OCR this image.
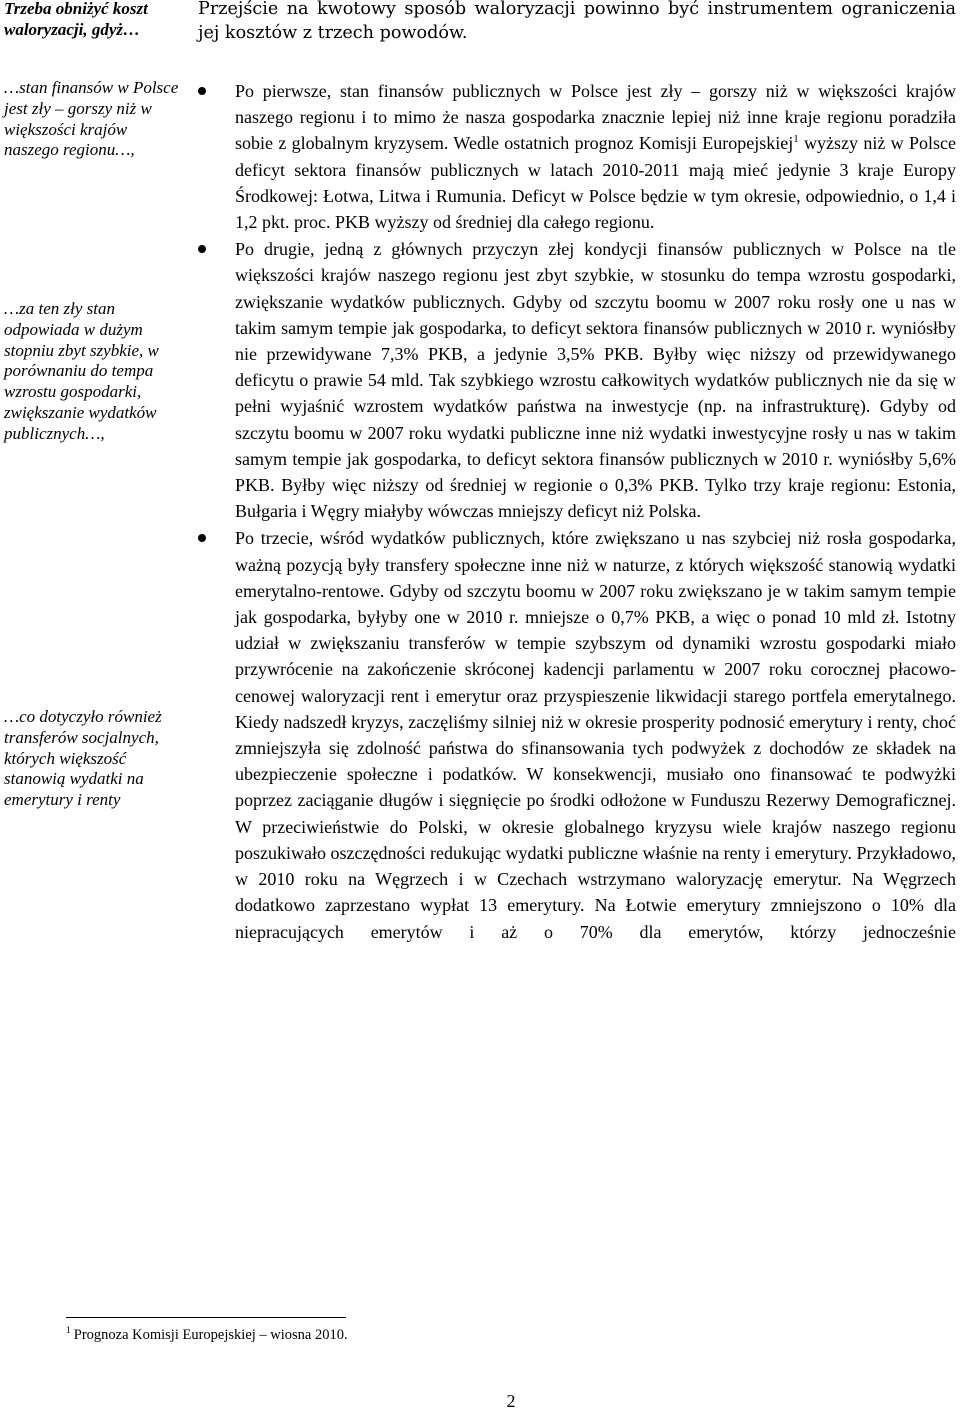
Trzeba obniżyć koszt waloryzacji, gdyż…

…stan finansów w Polsce jest zły – gorszy niż w większości krajów naszego regionu…,

…za ten zły stan odpowiada w dużym stopniu zbyt szybkie, w porównaniu do tempa wzrostu gospodarki, zwiększanie wydatków publicznych…,

…co dotyczyło również transferów socjalnych, których większość stanowią wydatki na emerytury i renty

Przejście na kwotowy sposób waloryzacji powinno być instrumentem ograniczenia jej kosztów z trzech powodów.

Po pierwsze, stan finansów publicznych w Polsce jest zły – gorszy niż w większości krajów naszego regionu i to mimo że nasza gospodarka znacznie lepiej niż inne kraje regionu poradziła sobie z globalnym kryzysem. Wedle ostatnich prognoz Komisji Europejskiej$^1$ wyższy niż w Polsce deficyt sektora finansów publicznych w latach 2010-2011 mają mieć jedynie 3 kraje Europy Środkowej: Łotwa, Litwa i Rumunia. Deficyt w Polsce będzie w tym okresie, odpowiednio, o 1,4 i 1,2 pkt. proc. PKB wyższy od średniej dla całego regionu.

Po drugie, jedną z głównych przyczyn złej kondycji finansów publicznych w Polsce na tle większości krajów naszego regionu jest zbyt szybkie, w stosunku do tempa wzrostu gospodarki, zwiększanie wydatków publicznych. Gdyby od szczytu boomu w 2007 roku rosły one u nas w takim samym tempie jak gospodarka, to deficyt sektora finansów publicznych w 2010 r. wyniósłby nie przewidywane 7,3% PKB, a jedynie 3,5% PKB. Byłby więc niższy od przewidywanego deficytu o prawie 54 mld. Tak szybkiego wzrostu całkowitych wydatków publicznych nie da się w pełni wyjaśnić wzrostem wydatków państwa na inwestycje (np. na infrastrukturę). Gdyby od szczytu boomu w 2007 roku wydatki publiczne inne niż wydatki inwestycyjne rosły u nas w takim samym tempie jak gospodarka, to deficyt sektora finansów publicznych w 2010 r. wyniósłby 5,6% PKB. Byłby więc niższy od średniej w regionie o 0,3% PKB. Tylko trzy kraje regionu: Estonia, Bułgaria i Węgry miałyby wówczas mniejszy deficyt niż Polska.

Po trzecie, wśród wydatków publicznych, które zwiększano u nas szybciej niż rosła gospodarka, ważną pozycją były transfery społeczne inne niż w naturze, z których większość stanowią wydatki emerytalno-rentowe. Gdyby od szczytu boomu w 2007 roku zwiększano je w takim samym tempie jak gospodarka, byłyby one w 2010 r. mniejsze o 0,7% PKB, a więc o ponad 10 mld zł. Istotny udział w zwiększaniu transferów w tempie szybszym od dynamiki wzrostu gospodarki miało przywrócenie na zakończenie skróconej kadencji parlamentu w 2007 roku corocznej płacowo-cenowej waloryzacji rent i emerytur oraz przyspieszenie likwidacji starego portfela emerytalnego. Kiedy nadszedł kryzys, zaczęliśmy silniej niż w okresie prosperity podnosić emerytury i renty, choć zmniejszyła się zdolność państwa do sfinansowania tych podwyżek z dochodów ze składek na ubezpieczenie społeczne i podatków. W konsekwencji, musiało ono finansować te podwyżki poprzez zaciąganie długów i sięgnięcie po środki odłożone w Funduszu Rezerwy Demograficznej. W przeciwieństwie do Polski, w okresie globalnego kryzysu wiele krajów naszego regionu poszukiwało oszczędności redukując wydatki publiczne właśnie na renty i emerytury. Przykładowo, w 2010 roku na Węgrzech i w Czechach wstrzymano waloryzację emerytur. Na Węgrzech dodatkowo zaprzestano wypłat 13 emerytury. Na Łotwie emerytury zmniejszono o 10% dla niepracujących emerytów i aż o 70% dla emerytów, którzy jednocześnie

$^1$ Prognoza Komisji Europejskiej – wiosna 2010.

2
